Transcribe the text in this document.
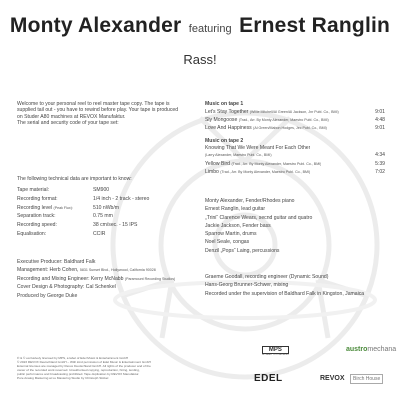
Monty Alexander featuring Ernest Ranglin
Rass!
Welcome to your personal reel to reel master tape copy. The tape is
supplied tail out - you have to rewind before play. Your tape is produced
on Studer A80 machines at REVOX Manufaktur.
The serial and security code of your tape set:
The following technical data are important to know:
Tape material:	SM900
Recording format:	1/4 inch - 2 track - stereo
Recording level (Peak Flux):	510 nWb/m
Separation track:	0.75 mm
Recording speed:	38 cm/sec. - 15 IPS
Equalisation:	CCIR
Executive Producer: Baldhard Falk
Management: Herb Cohen, 5831 Sunset Blvd., Hollywood, California 90028
Recording and Mixing Engineer: Kerry McNabb (Paramount Recording Studios)
Cover Design & Photography: Cal Schenkel
Produced by George Duke
Music on tape 1
Let's Stay Together (Willie Mitchell/Al Green/Al Jackson, Jnr Publ. Co., BMI)	9:01
Sly Mongoose (Trad., Arr. By Monty Alexander, Maestro Publ. Co., BMI)	4:48
Love And Happiness (Al Green/Mabon Hodges, Jec Publ. Co., BMI)	9:01
Music on tape 2
Knowing That We Were Meant For Each Other
(Larry Alexander, Maestro Publ. Co., BMI)	4:34
Yellow Bird (Trad., Arr. By Monty Alexander, Maestro Publ. Co., BMI)	5:39
Limbo (Trad., Arr. By Monty Alexander, Maestro Publ. Co., BMI)	7:02
Monty Alexander, Fender/Rhodes piano
Ernest Ranglin, lead guitar
„Trini“ Clarence Wears, secnd guitar and quatro
Jackie Jackson, Fender bass
Sparrow Martin, drums
Noel Seale, congas
Denzil „Pops“ Laing, percussions
Graeme Goodall, recording engineer (Dynamic Sound)
Hans-Georg Brunner-Schwer, mixing
Recorded under the supervision of Baldhard Falk in Kingston, Jamaica
℗ & © exclusively licensed by MPS, a label of Edel Music & Entertainment GmbH
© 2023 REVOX Deutschland GmbH – With kind permission of Edel Music & Entertainment GmbH
External licenses are managed by Revox Deutschland GmbH. All rights of the producer and of the
owner of the recorded work reserved. Unauthorised copying, reproduction, hiring, lending,
public performance and broadcasting prohibited. Tape duplication by REVOX Manufaktur.
Pure Analog Mastering at Lu Mastering Studio by Christoph Stickel
MPS
NO NEED TO COMPRESS
austromechana
EDEL	REVOX	Birch House
